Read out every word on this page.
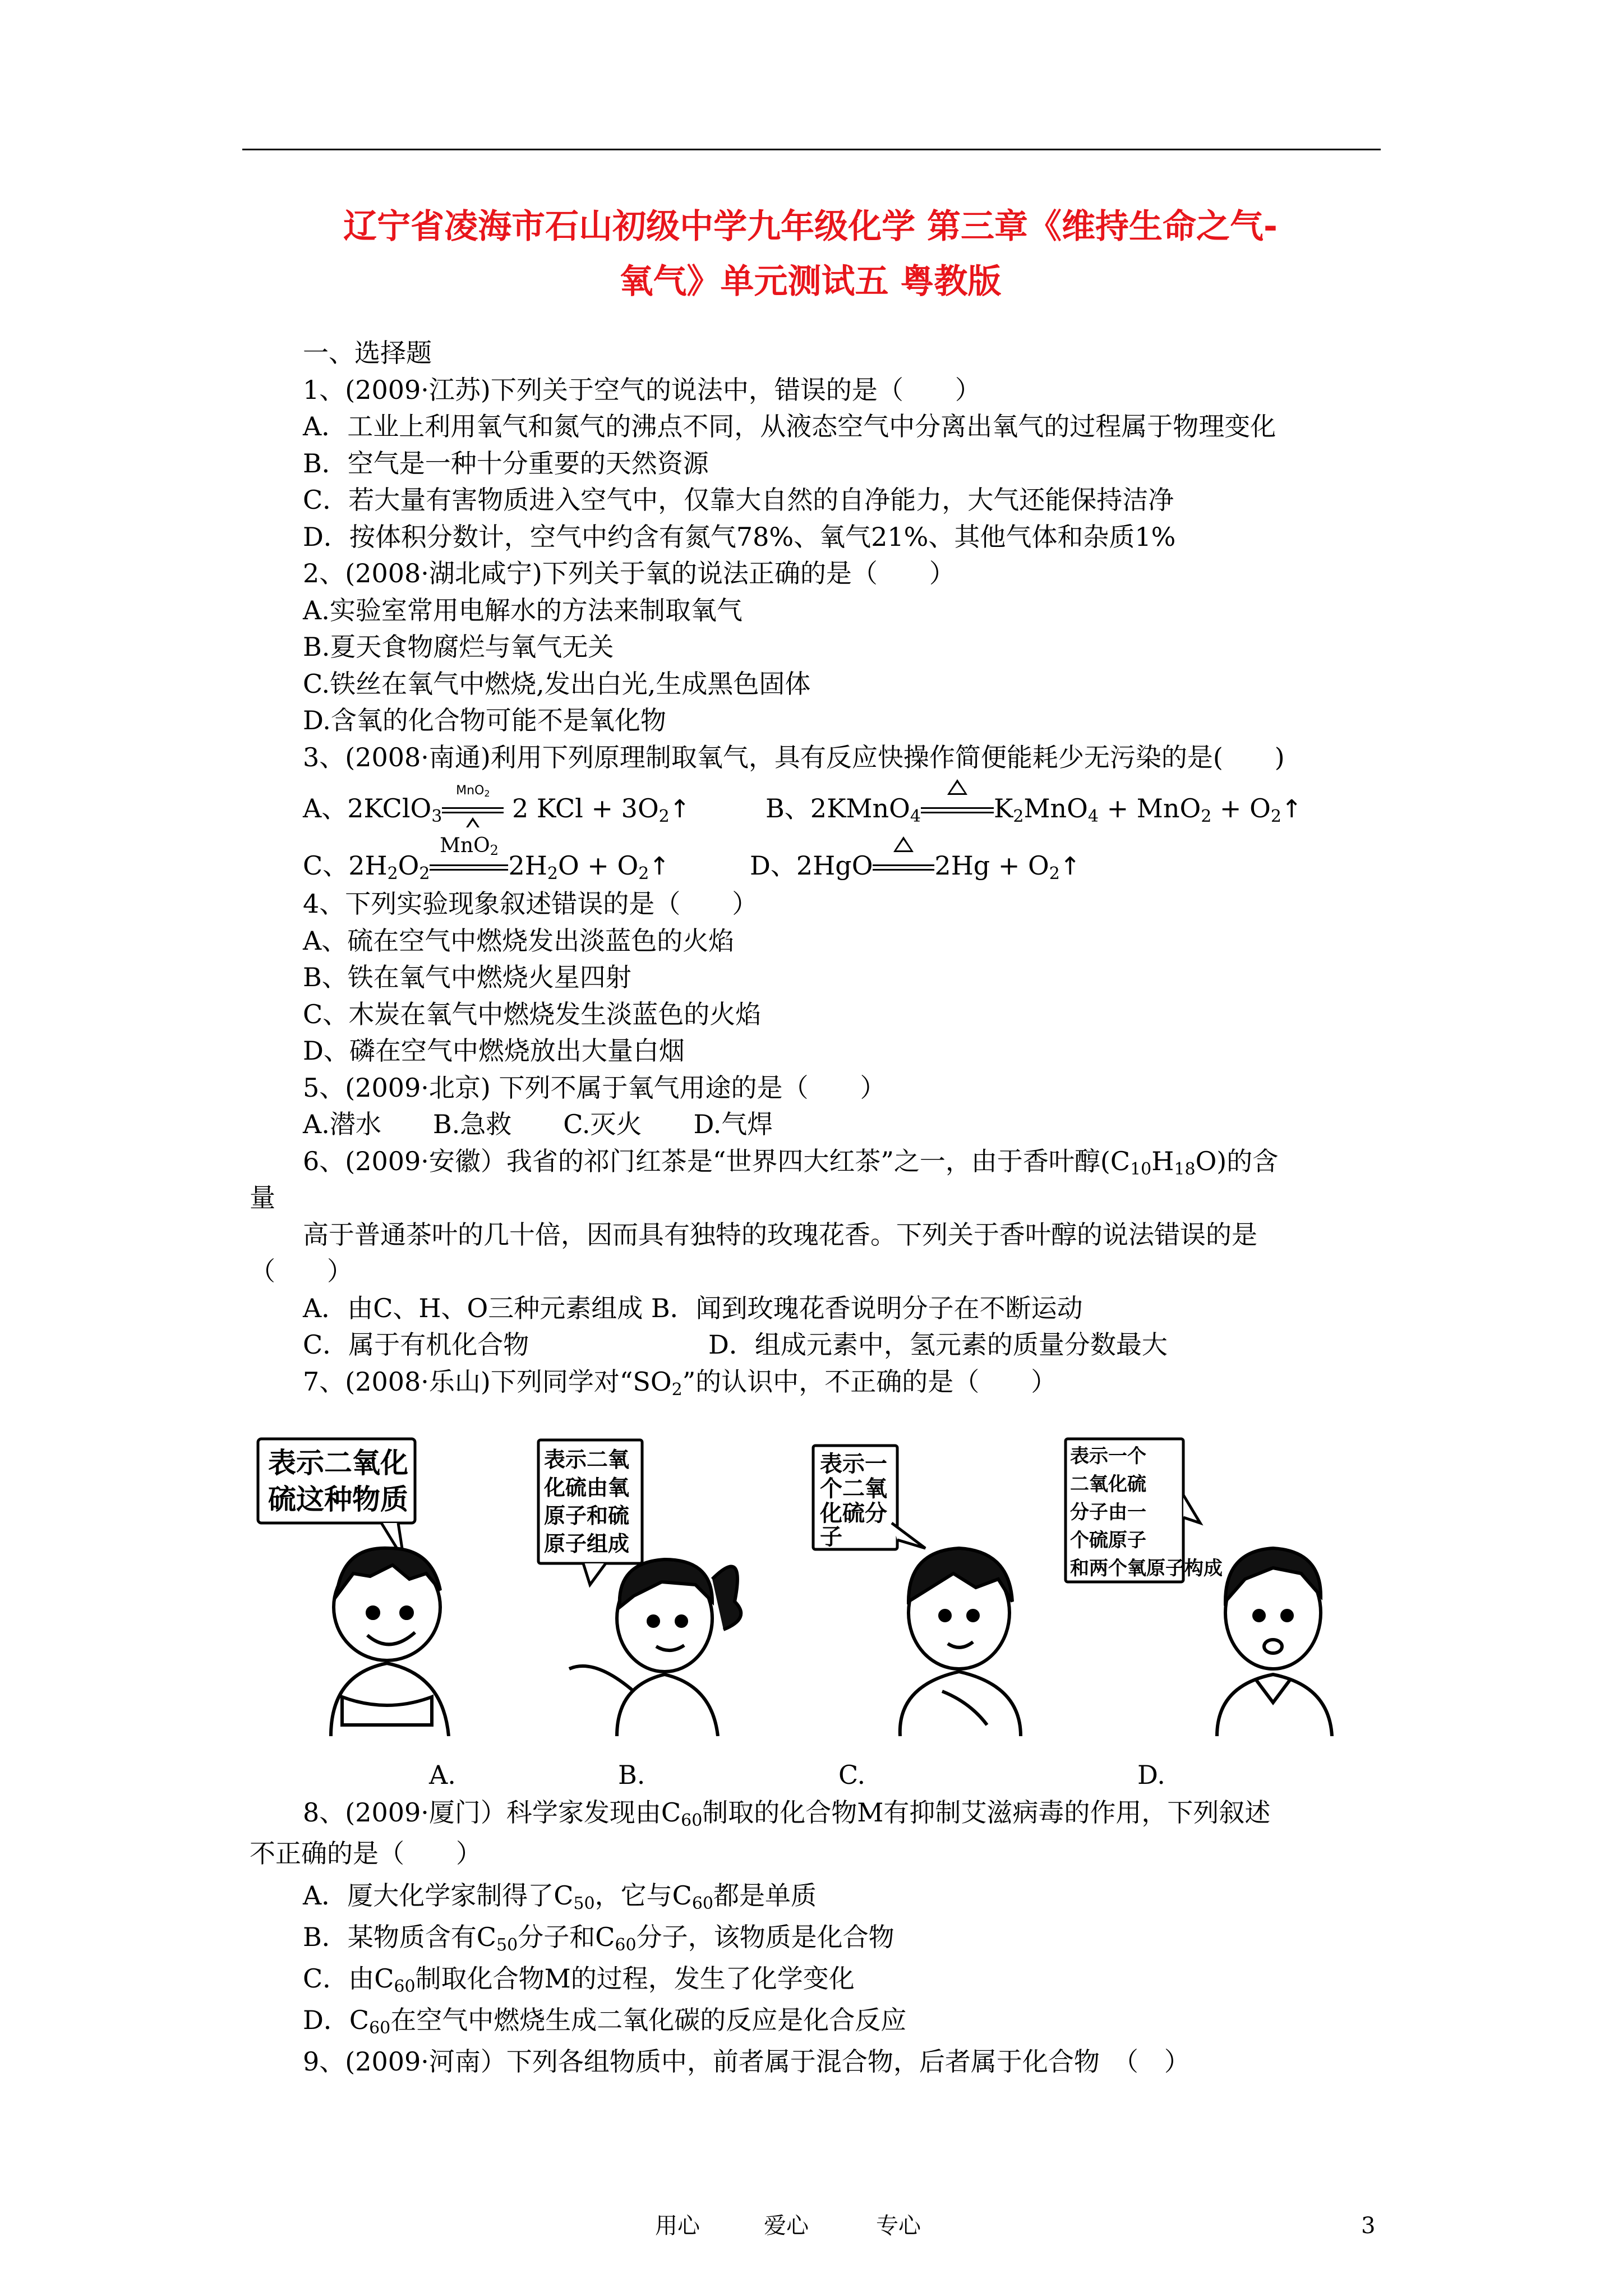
辽宁省凌海市石山初级中学九年级化学 第三章《维持生命之气-
氧气》单元测试五 粤教版
一、选择题
1、(2009·江苏)下列关于空气的说法中，错误的是（　　）
A．工业上利用氧气和氮气的沸点不同，从液态空气中分离出氧气的过程属于物理变化
B．空气是一种十分重要的天然资源
C．若大量有害物质进入空气中，仅靠大自然的自净能力，大气还能保持洁净
D．按体积分数计，空气中约含有氮气78%、氧气21%、其他气体和杂质1%
2、(2008·湖北咸宁)下列关于氧的说法正确的是（　　）
A.实验室常用电解水的方法来制取氧气
B.夏天食物腐烂与氧气无关
C.铁丝在氧气中燃烧,发出白光,生成黑色固体
D.含氧的化合物可能不是氧化物
3、(2008·南通)利用下列原理制取氧气，具有反应快操作简便能耗少无污染的是(　　)
A、2KClO$_3$
MnO$_2$ 2 KCl + $3O_2↑$	B、2KMnO$_4$	$K_2MnO_4 + MnO_2$ + $O_2↑$
C、$2H_2O_2$
MnO$_2$ $2H_2O$ + $O_2↑$	D、2HgO $2Hg + O_2↑$
4、下列实验现象叙述错误的是（　　）
A、硫在空气中燃烧发出淡蓝色的火焰
B、铁在氧气中燃烧火星四射
C、木炭在氧气中燃烧发生淡蓝色的火焰
D、磷在空气中燃烧放出大量白烟
5、(2009·北京) 下列不属于氧气用途的是（　　）
A.潜水　　B.急救　　C.灭火　　D.气焊
6、(2009·安徽）我省的祁门红茶是“世界四大红茶”之一，由于香叶醇$(C_{10}H_{18}O)$的含
量
高于普通茶叶的几十倍，因而具有独特的玫瑰花香。下列关于香叶醇的说法错误的是
（　　）
A．由C、H、O三种元素组成 B．闻到玫瑰花香说明分子在不断运动
C．属于有机化合物	D．组成元素中，氢元素的质量分数最大
7、(2008·乐山)下列同学对“$SO_2$”的认识中，不正确的是（　　）
表示二氧化
硫这种物质
表示二氧
化硫由氧
原子和硫
原子组成
表示一
个二氧
化硫分
子
表示一个
二氧化硫
分子由一
个硫原子
和两个氧原子构成
A.	B.	C.	D.
8、(2009·厦门）科学家发现由$C_{60}$制取的化合物M有抑制艾滋病毒的作用，下列叙述
不正确的是（　　）
A．厦大化学家制得了$C_{50}$，它与$C_{60}$都是单质
B．某物质含有$C_{50}$分子和$C_{60}$分子，该物质是化合物
C．由$C_{60}$制取化合物M的过程，发生了化学变化
D．$C_{60}$在空气中燃烧生成二氧化碳的反应是化合反应
9、(2009·河南）下列各组物质中，前者属于混合物，后者属于化合物　（　）
用心	爱心	专心	3
